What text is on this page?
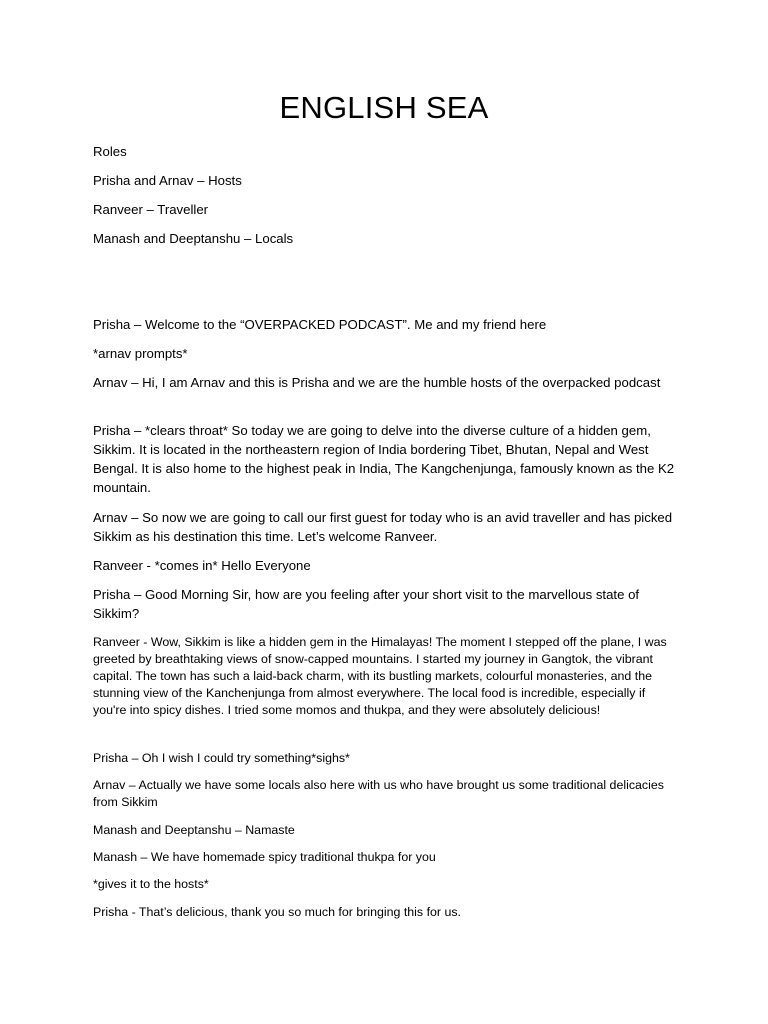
ENGLISH SEA

Roles

Prisha and Arnav – Hosts

Ranveer – Traveller

Manash and Deeptanshu – Locals

Prisha – Welcome to the “OVERPACKED PODCAST”. Me and my friend here

*arnav prompts*

Arnav – Hi, I am Arnav and this is Prisha and we are the humble hosts of the overpacked podcast

Prisha – *clears throat* So today we are going to delve into the diverse culture of a hidden gem, Sikkim. It is located in the northeastern region of India bordering Tibet, Bhutan, Nepal and West Bengal. It is also home to the highest peak in India, The Kangchenjunga, famously known as the K2 mountain.

Arnav – So now we are going to call our first guest for today who is an avid traveller and has picked Sikkim as his destination this time. Let’s welcome Ranveer.

Ranveer - *comes in* Hello Everyone

Prisha – Good Morning Sir, how are you feeling after your short visit to the marvellous state of Sikkim?

Ranveer - Wow, Sikkim is like a hidden gem in the Himalayas! The moment I stepped off the plane, I was greeted by breathtaking views of snow-capped mountains. I started my journey in Gangtok, the vibrant capital. The town has such a laid-back charm, with its bustling markets, colourful monasteries, and the stunning view of the Kanchenjunga from almost everywhere. The local food is incredible, especially if you're into spicy dishes. I tried some momos and thukpa, and they were absolutely delicious!

Prisha – Oh I wish I could try something*sighs*

Arnav – Actually we have some locals also here with us who have brought us some traditional delicacies from Sikkim

Manash and Deeptanshu – Namaste

Manash – We have homemade spicy traditional thukpa for you

*gives it to the hosts*

Prisha - That’s delicious, thank you so much for bringing this for us.
